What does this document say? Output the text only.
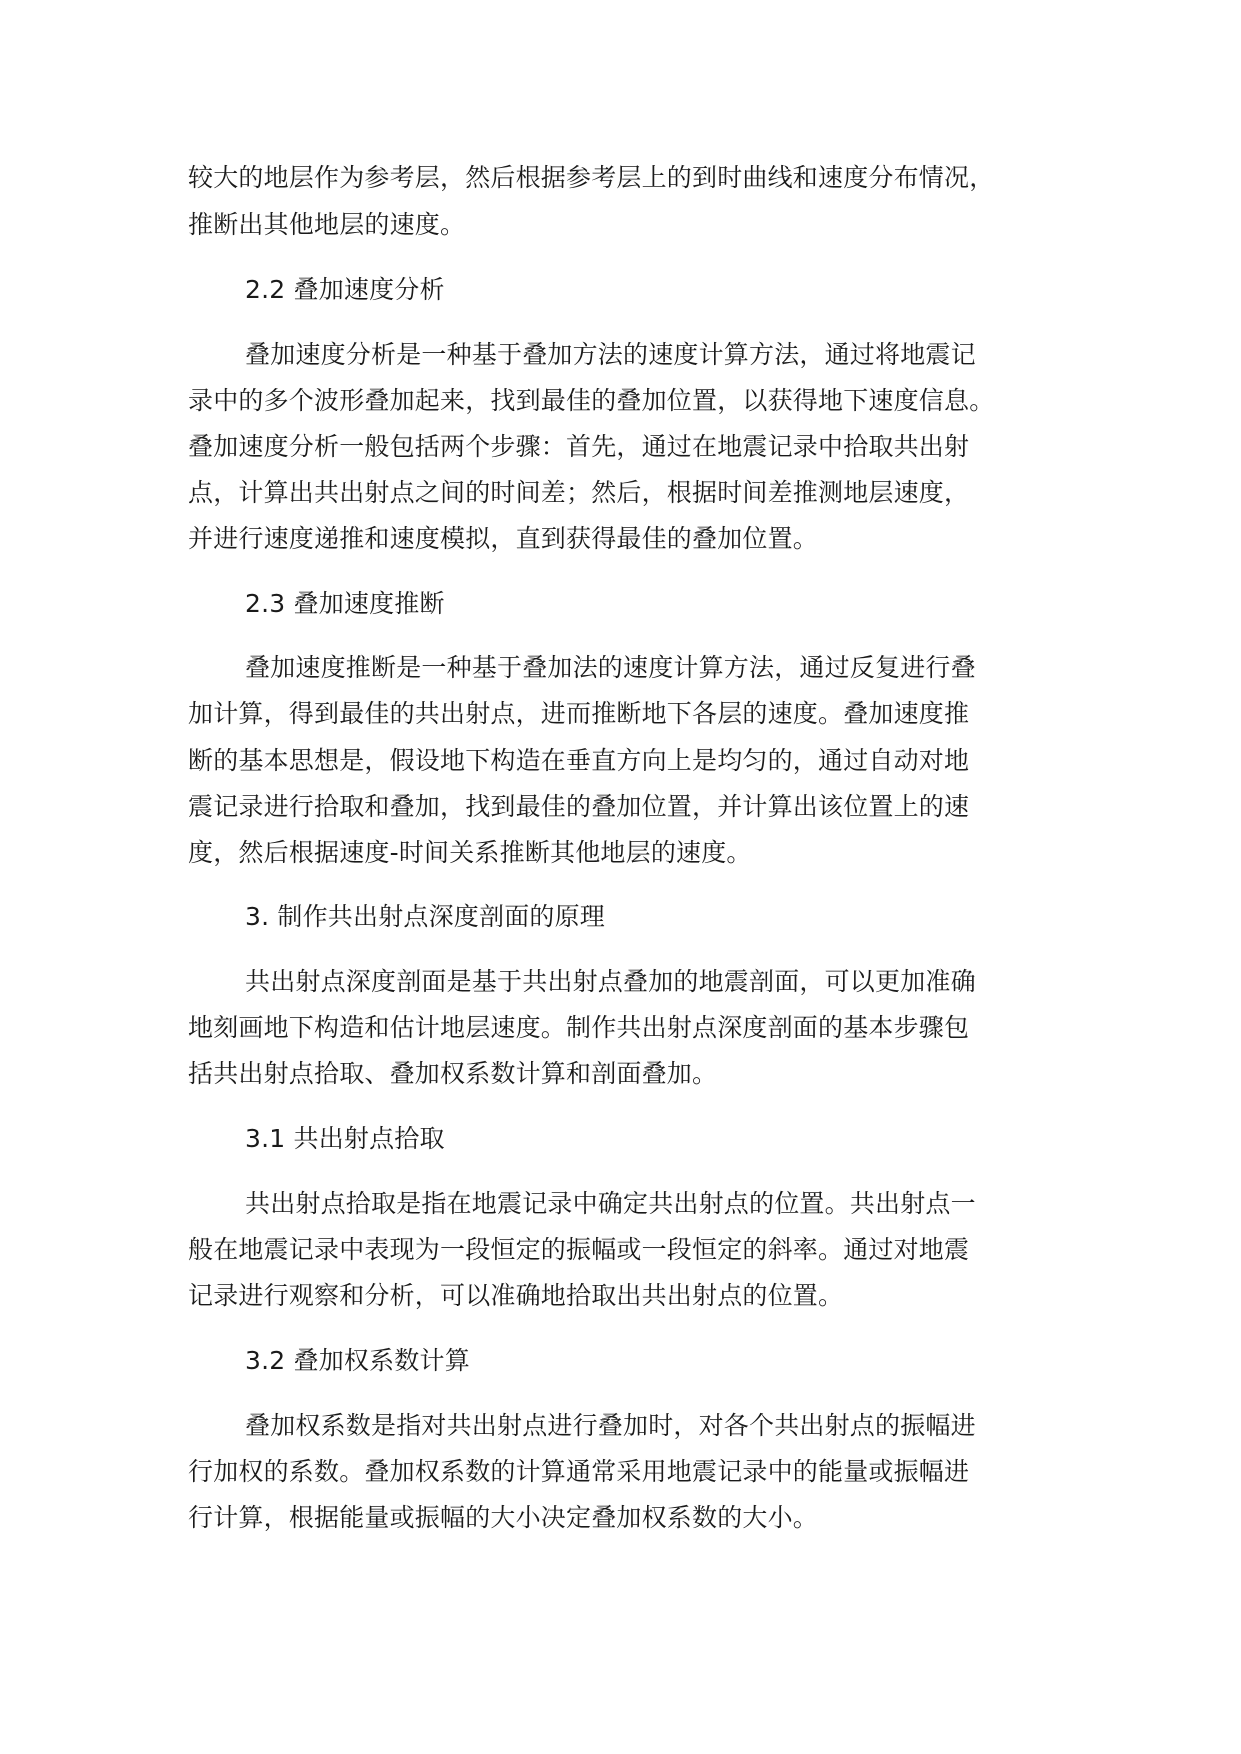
较大的地层作为参考层，然后根据参考层上的到时曲线和速度分布情况，
推断出其他地层的速度。
2.2 叠加速度分析
叠加速度分析是一种基于叠加方法的速度计算方法，通过将地震记
录中的多个波形叠加起来，找到最佳的叠加位置，以获得地下速度信息。
叠加速度分析一般包括两个步骤：首先，通过在地震记录中拾取共出射
点，计算出共出射点之间的时间差；然后，根据时间差推测地层速度，
并进行速度递推和速度模拟，直到获得最佳的叠加位置。
2.3 叠加速度推断
叠加速度推断是一种基于叠加法的速度计算方法，通过反复进行叠
加计算，得到最佳的共出射点，进而推断地下各层的速度。叠加速度推
断的基本思想是，假设地下构造在垂直方向上是均匀的，通过自动对地
震记录进行拾取和叠加，找到最佳的叠加位置，并计算出该位置上的速
度，然后根据速度-时间关系推断其他地层的速度。
3. 制作共出射点深度剖面的原理
共出射点深度剖面是基于共出射点叠加的地震剖面，可以更加准确
地刻画地下构造和估计地层速度。制作共出射点深度剖面的基本步骤包
括共出射点拾取、叠加权系数计算和剖面叠加。
3.1 共出射点拾取
共出射点拾取是指在地震记录中确定共出射点的位置。共出射点一
般在地震记录中表现为一段恒定的振幅或一段恒定的斜率。通过对地震
记录进行观察和分析，可以准确地拾取出共出射点的位置。
3.2 叠加权系数计算
叠加权系数是指对共出射点进行叠加时，对各个共出射点的振幅进
行加权的系数。叠加权系数的计算通常采用地震记录中的能量或振幅进
行计算，根据能量或振幅的大小决定叠加权系数的大小。
